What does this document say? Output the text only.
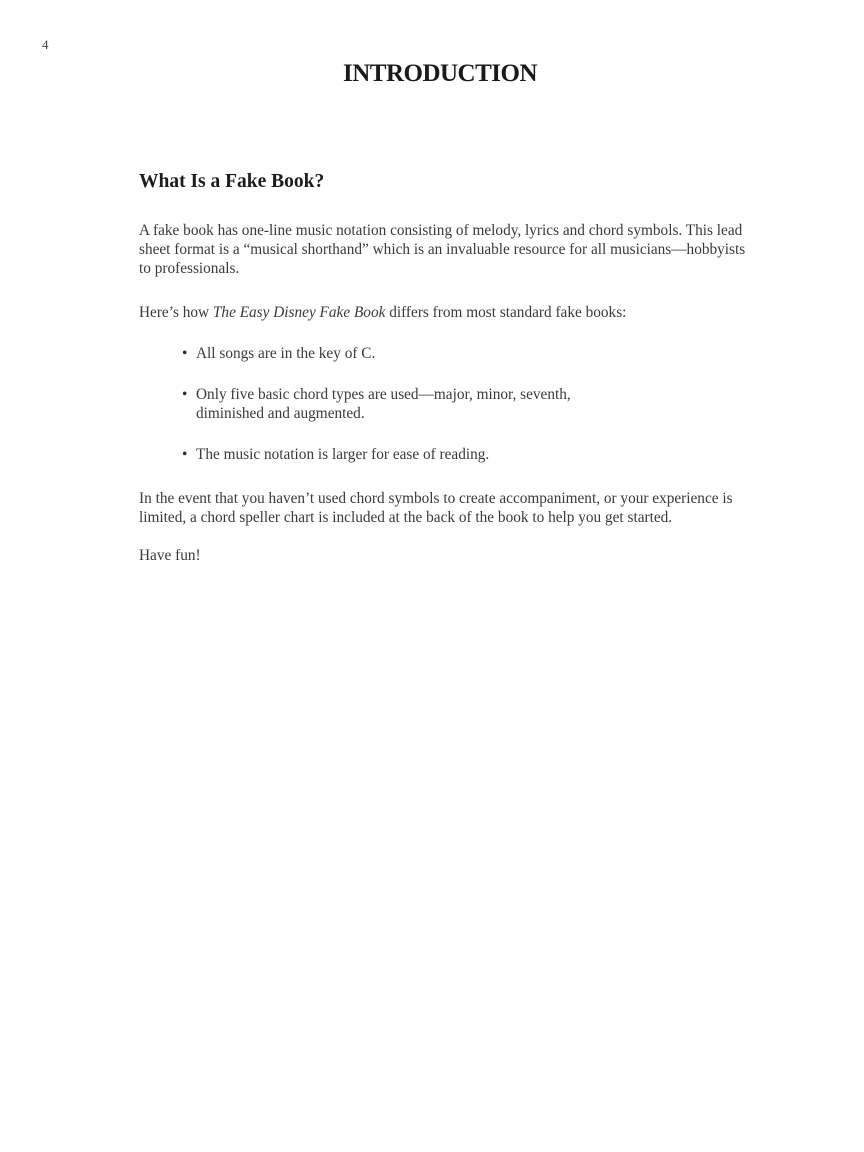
4
INTRODUCTION
What Is a Fake Book?

A fake book has one-line music notation consisting of melody, lyrics and chord symbols. This lead sheet format is a “musical shorthand” which is an invaluable resource for all musicians—hobbyists to professionals.

Here’s how The Easy Disney Fake Book differs from most standard fake books:

• All songs are in the key of C.
• Only five basic chord types are used—major, minor, seventh, diminished and augmented.
• The music notation is larger for ease of reading.

In the event that you haven’t used chord symbols to create accompaniment, or your experience is limited, a chord speller chart is included at the back of the book to help you get started.

Have fun!
